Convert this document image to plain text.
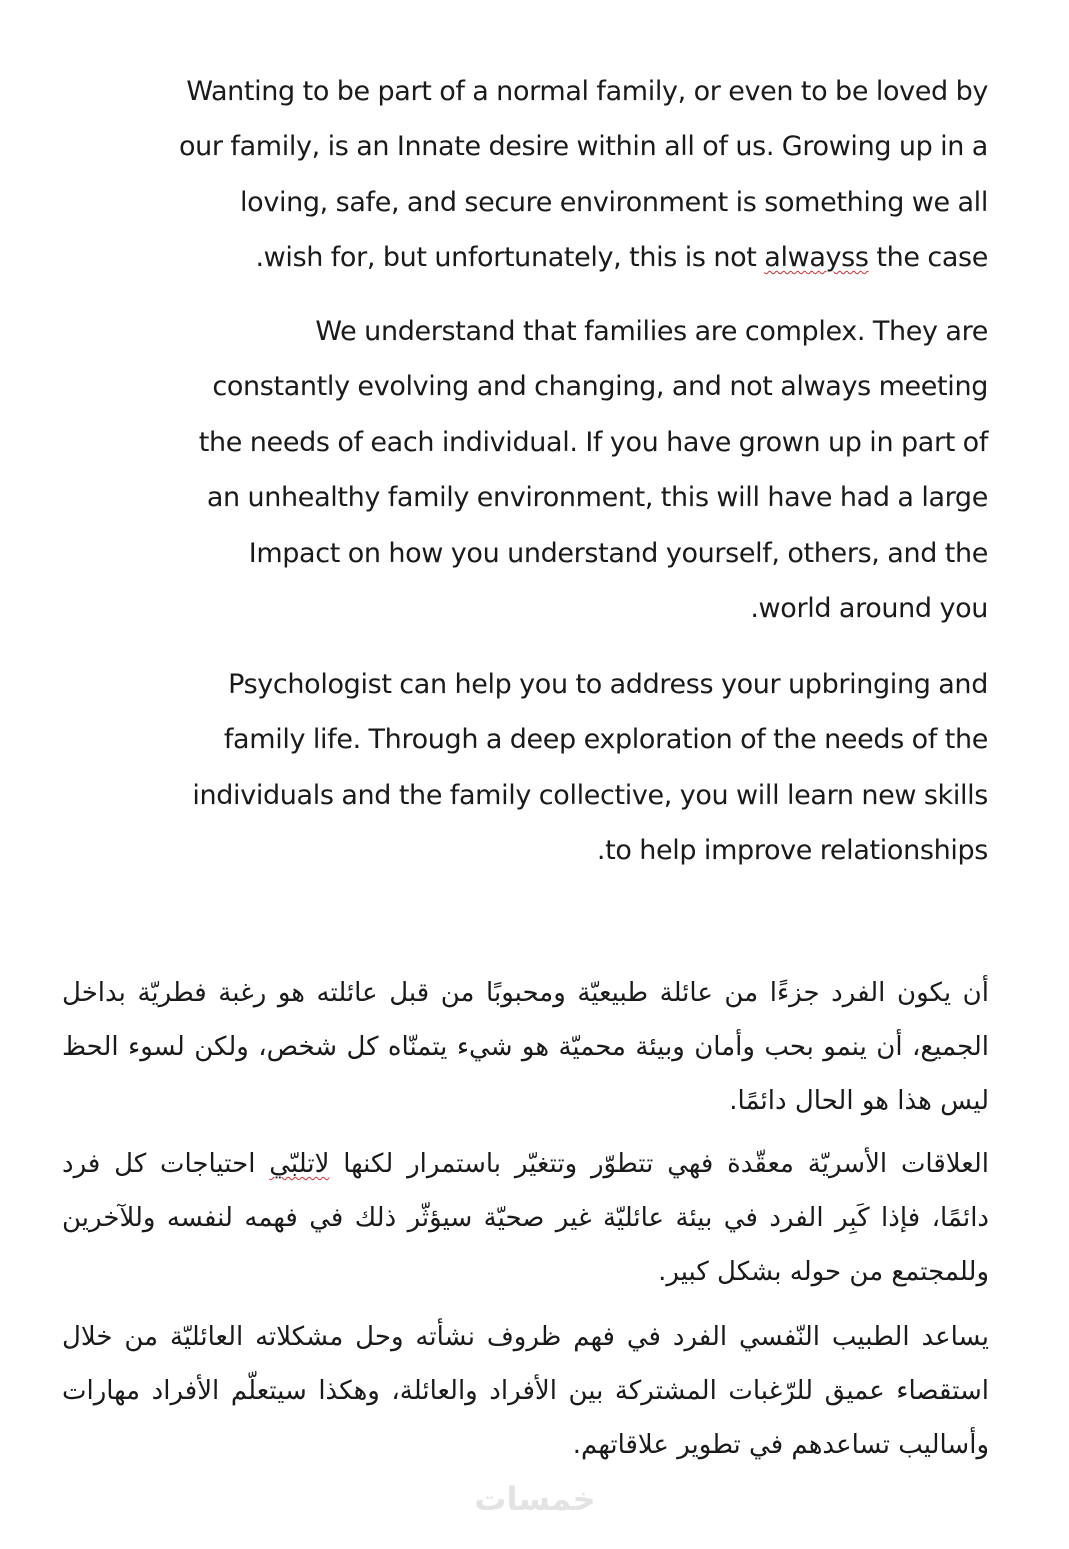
Wanting to be part of a normal family, or even to be loved by
our family, is an Innate desire within all of us. Growing up in a
loving, safe, and secure environment is something we all
.wish for, but unfortunately, this is not alwayss the case

We understand that families are complex. They are
constantly evolving and changing, and not always meeting
the needs of each individual. If you have grown up in part of
an unhealthy family environment, this will have had a large
Impact on how you understand yourself, others, and the
.world around you

Psychologist can help you to address your upbringing and
family life. Through a deep exploration of the needs of the
individuals and the family collective, you will learn new skills
.to help improve relationships

أن يكون الفرد جزءًا من عائلة طبيعيّة ومحبوبًا من قبل عائلته هو رغبة فطريّة بداخل الجميع، أن ينمو بحب وأمان وبيئة محميّة هو شيء يتمنّاه كل شخص، ولكن لسوء الحظ ليس هذا هو الحال دائمًا.

العلاقات الأسريّة معقّدة فهي تتطوّر وتتغيّر باستمرار لكنها لاتلبّي احتياجات كل فرد دائمًا، فإذا كَبِر الفرد في بيئة عائليّة غير صحيّة سيؤثّر ذلك في فهمه لنفسه وللآخرين وللمجتمع من حوله بشكل كبير.

يساعد الطبيب النّفسي الفرد في فهم ظروف نشأته وحل مشكلاته العائليّة من خلال استقصاء عميق للرّغبات المشتركة بين الأفراد والعائلة، وهكذا سيتعلّم الأفراد مهارات وأساليب تساعدهم في تطوير علاقاتهم.

خمسات
